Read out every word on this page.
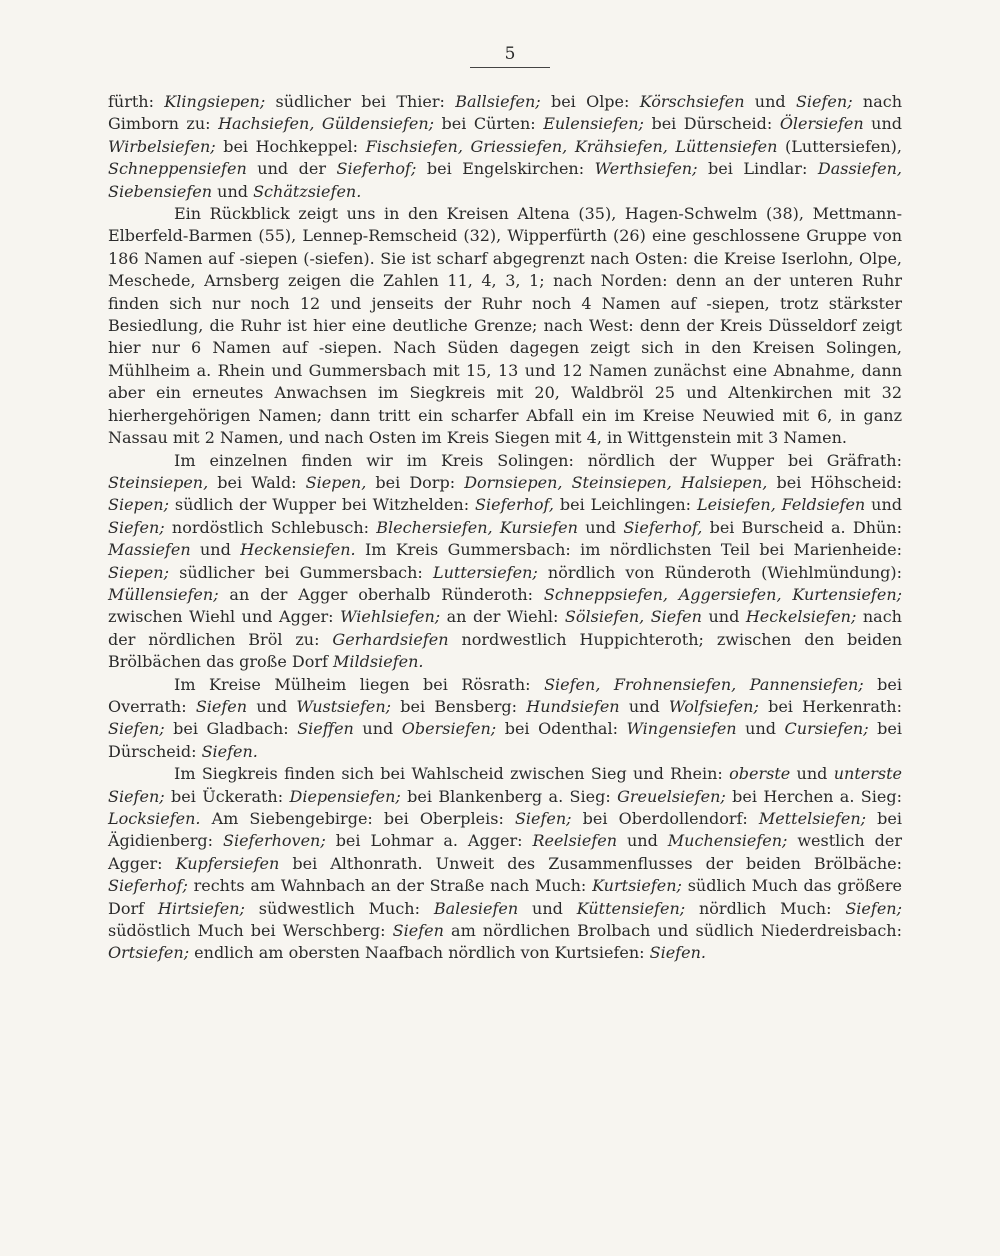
5

fürth: Klingsiepen; südlicher bei Thier: Ballsiefen; bei Olpe: Körschsiefen und Siefen; nach Gimborn zu: Hachsiefen, Güldensiefen; bei Cürten: Eulensiefen; bei Dürscheid: Ölersiefen und Wirbelsiefen; bei Hochkeppel: Fischsiefen, Griessiefen, Krähsiefen, Lüttensiefen (Luttersiefen), Schneppensiefen und der Sieferhof; bei Engelskirchen: Werthsiefen; bei Lindlar: Dassiefen, Siebensiefen und Schätzsiefen.

Ein Rückblick zeigt uns in den Kreisen Altena (35), Hagen-Schwelm (38), Mettmann-Elberfeld-Barmen (55), Lennep-Remscheid (32), Wipperfürth (26) eine geschlossene Gruppe von 186 Namen auf -siepen (-siefen). Sie ist scharf abgegrenzt nach Osten: die Kreise Iserlohn, Olpe, Meschede, Arnsberg zeigen die Zahlen 11, 4, 3, 1; nach Norden: denn an der unteren Ruhr finden sich nur noch 12 und jenseits der Ruhr noch 4 Namen auf -siepen, trotz stärkster Besiedlung, die Ruhr ist hier eine deutliche Grenze; nach West: denn der Kreis Düsseldorf zeigt hier nur 6 Namen auf -siepen. Nach Süden dagegen zeigt sich in den Kreisen Solingen, Mühlheim a. Rhein und Gummersbach mit 15, 13 und 12 Namen zunächst eine Abnahme, dann aber ein erneutes Anwachsen im Siegkreis mit 20, Waldbröl 25 und Altenkirchen mit 32 hierhergehörigen Namen; dann tritt ein scharfer Abfall ein im Kreise Neuwied mit 6, in ganz Nassau mit 2 Namen, und nach Osten im Kreis Siegen mit 4, in Wittgenstein mit 3 Namen.

Im einzelnen finden wir im Kreis Solingen: nördlich der Wupper bei Gräfrath: Steinsiepen, bei Wald: Siepen, bei Dorp: Dornsiepen, Steinsiepen, Halsiepen, bei Höhscheid: Siepen; südlich der Wupper bei Witzhelden: Sieferhof, bei Leichlingen: Leisiefen, Feldsiefen und Siefen; nordöstlich Schlebusch: Blechersiefen, Kursiefen und Sieferhof, bei Burscheid a. Dhün: Massiefen und Heckensiefen. Im Kreis Gummersbach: im nördlichsten Teil bei Marienheide: Siepen; südlicher bei Gummersbach: Luttersiefen; nördlich von Ründeroth (Wiehlmündung): Müllensiefen; an der Agger oberhalb Ründeroth: Schneppsiefen, Aggersiefen, Kurtensiefen; zwischen Wiehl und Agger: Wiehlsiefen; an der Wiehl: Sölsiefen, Siefen und Heckelsiefen; nach der nördlichen Bröl zu: Gerhardsiefen nordwestlich Huppichteroth; zwischen den beiden Brölbächen das große Dorf Mildsiefen.

Im Kreise Mülheim liegen bei Rösrath: Siefen, Frohnensiefen, Pannensiefen; bei Overrath: Siefen und Wustsiefen; bei Bensberg: Hundsiefen und Wolfsiefen; bei Herkenrath: Siefen; bei Gladbach: Sieffen und Obersiefen; bei Odenthal: Wingensiefen und Cursiefen; bei Dürscheid: Siefen.

Im Siegkreis finden sich bei Wahlscheid zwischen Sieg und Rhein: oberste und unterste Siefen; bei Ückerath: Diepensiefen; bei Blankenberg a. Sieg: Greuelsiefen; bei Herchen a. Sieg: Locksiefen. Am Siebengebirge: bei Oberpleis: Siefen; bei Oberdollendorf: Mettelsiefen; bei Ägidienberg: Sieferhoven; bei Lohmar a. Agger: Reelsiefen und Muchensiefen; westlich der Agger: Kupfersiefen bei Althonrath. Unweit des Zusammenflusses der beiden Brölbäche: Sieferhof; rechts am Wahnbach an der Straße nach Much: Kurtsiefen; südlich Much das größere Dorf Hirtsiefen; südwestlich Much: Balesiefen und Küttensiefen; nördlich Much: Siefen; südöstlich Much bei Werschberg: Siefen am nördlichen Brolbach und südlich Niederdreisbach: Ortsiefen; endlich am obersten Naafbach nördlich von Kurtsiefen: Siefen.
